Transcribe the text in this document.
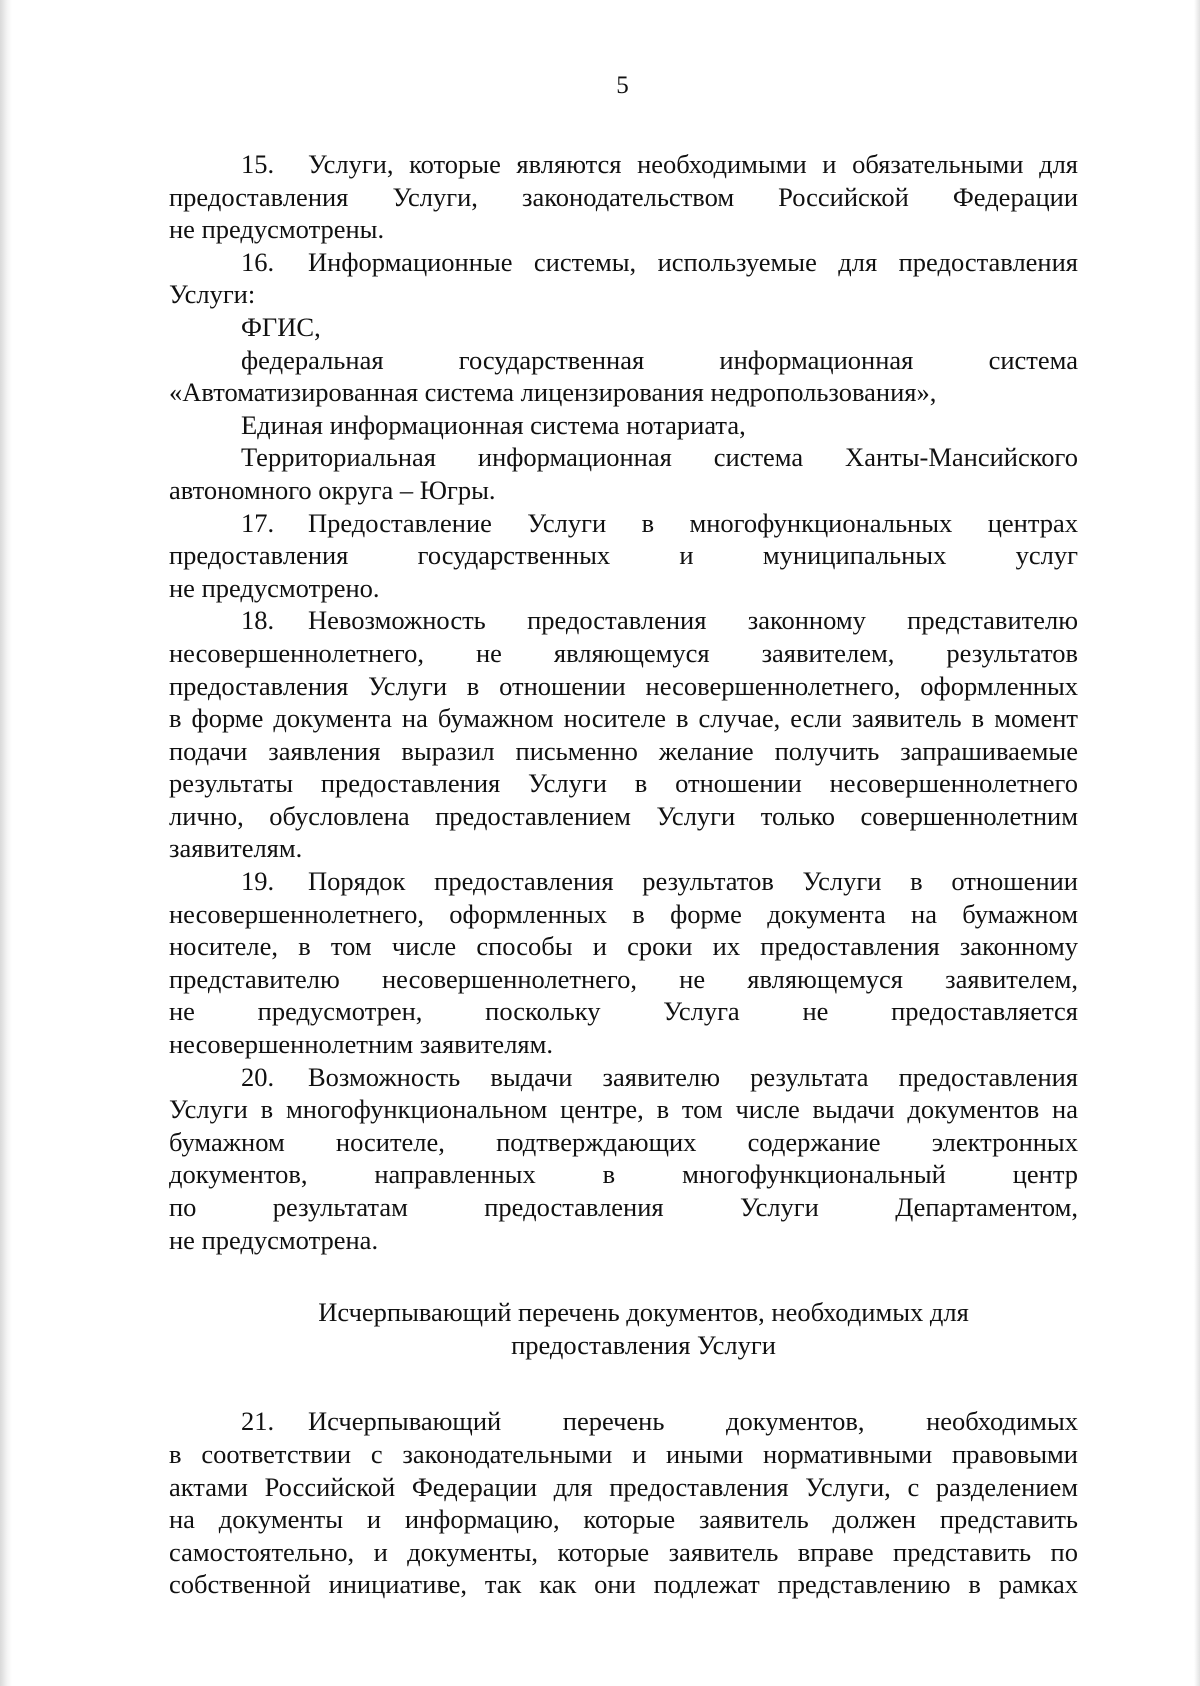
5

15. Услуги, которые являются необходимыми и обязательными для
предоставления Услуги, законодательством Российской Федерации
не предусмотрены.

16. Информационные системы, используемые для предоставления
Услуги:

ФГИС,

федеральная государственная информационная система
«Автоматизированная система лицензирования недропользования»,

Единая информационная система нотариата,

Территориальная информационная система Ханты-Мансийского
автономного округа – Югры.

17. Предоставление Услуги в многофункциональных центрах
предоставления государственных и муниципальных услуг
не предусмотрено.

18. Невозможность предоставления законному представителю
несовершеннолетнего, не являющемуся заявителем, результатов
предоставления Услуги в отношении несовершеннолетнего, оформленных
в форме документа на бумажном носителе в случае, если заявитель в момент
подачи заявления выразил письменно желание получить запрашиваемые
результаты предоставления Услуги в отношении несовершеннолетнего
лично, обусловлена предоставлением Услуги только совершеннолетним
заявителям.

19. Порядок предоставления результатов Услуги в отношении
несовершеннолетнего, оформленных в форме документа на бумажном
носителе, в том числе способы и сроки их предоставления законному
представителю несовершеннолетнего, не являющемуся заявителем,
не предусмотрен, поскольку Услуга не предоставляется
несовершеннолетним заявителям.

20. Возможность выдачи заявителю результата предоставления
Услуги в многофункциональном центре, в том числе выдачи документов на
бумажном носителе, подтверждающих содержание электронных
документов, направленных в многофункциональный центр
по результатам предоставления Услуги Департаментом,
не предусмотрена.

Исчерпывающий перечень документов, необходимых для
предоставления Услуги

21. Исчерпывающий перечень документов, необходимых
в соответствии с законодательными и иными нормативными правовыми
актами Российской Федерации для предоставления Услуги, с разделением
на документы и информацию, которые заявитель должен представить
самостоятельно, и документы, которые заявитель вправе представить по
собственной инициативе, так как они подлежат представлению в рамках
